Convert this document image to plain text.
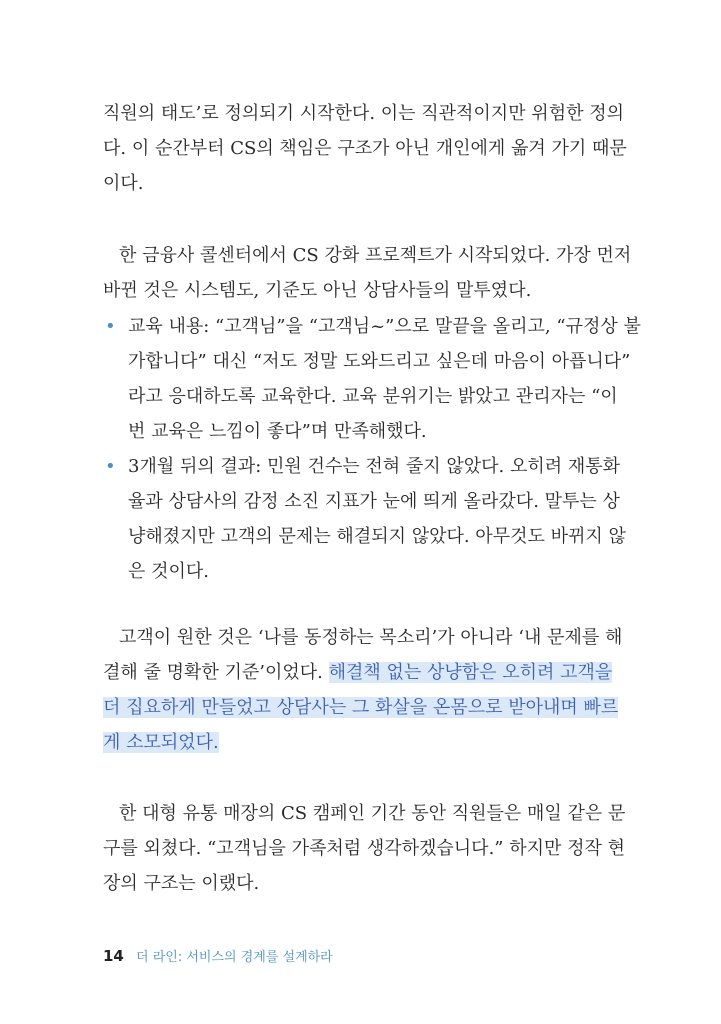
직원의 태도’로 정의되기 시작한다. 이는 직관적이지만 위험한 정의
다. 이 순간부터 CS의 책임은 구조가 아닌 개인에게 옮겨 가기 때문
이다.
한 금융사 콜센터에서 CS 강화 프로젝트가 시작되었다. 가장 먼저
바뀐 것은 시스템도, 기준도 아닌 상담사들의 말투였다.
• 교육 내용: “고객님”을 “고객님~”으로 말끝을 올리고, “규정상 불
가합니다” 대신 “저도 정말 도와드리고 싶은데 마음이 아픕니다”
라고 응대하도록 교육한다. 교육 분위기는 밝았고 관리자는 “이
번 교육은 느낌이 좋다”며 만족해했다.
• 3개월 뒤의 결과: 민원 건수는 전혀 줄지 않았다. 오히려 재통화
율과 상담사의 감정 소진 지표가 눈에 띄게 올라갔다. 말투는 상
냥해졌지만 고객의 문제는 해결되지 않았다. 아무것도 바뀌지 않
은 것이다.
고객이 원한 것은 ‘나를 동정하는 목소리’가 아니라 ‘내 문제를 해
결해 줄 명확한 기준’이었다. 해결책 없는 상냥함은 오히려 고객을
더 집요하게 만들었고 상담사는 그 화살을 온몸으로 받아내며 빠르
게 소모되었다.
한 대형 유통 매장의 CS 캠페인 기간 동안 직원들은 매일 같은 문
구를 외쳤다. “고객님을 가족처럼 생각하겠습니다.” 하지만 정작 현
장의 구조는 이랬다.
14 더 라인: 서비스의 경계를 설계하라
